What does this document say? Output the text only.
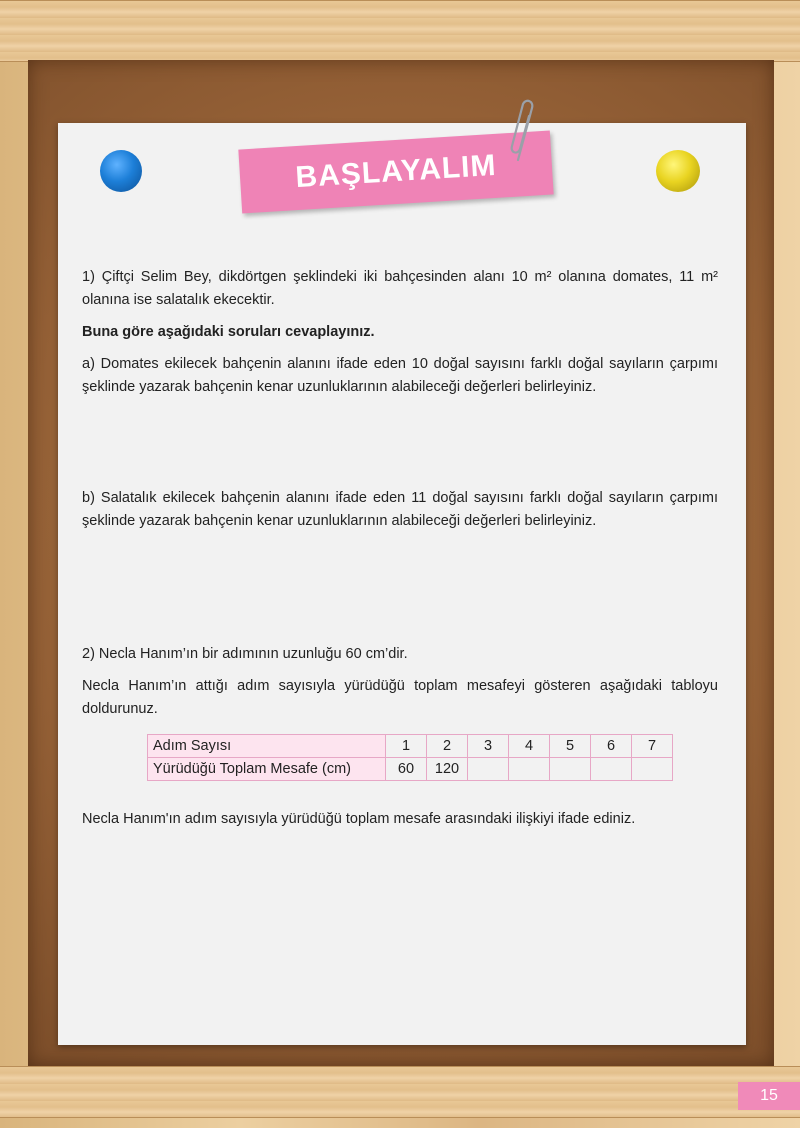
BAŞLAYALIM

1) Çiftçi Selim Bey, dikdörtgen şeklindeki iki bahçesinden alanı 10 m² olanına domates, 11 m² olanına ise salatalık ekecektir.

Buna göre aşağıdaki soruları cevaplayınız.

a) Domates ekilecek bahçenin alanını ifade eden 10 doğal sayısını farklı doğal sayıların çarpımı şeklinde yazarak bahçenin kenar uzunluklarının alabileceği değerleri belirleyiniz.

b) Salatalık ekilecek bahçenin alanını ifade eden 11 doğal sayısını farklı doğal sayıların çarpımı şeklinde yazarak bahçenin kenar uzunluklarının alabileceği değerleri belirleyiniz.

2) Necla Hanım’ın bir adımının uzunluğu 60 cm’dir.

Necla Hanım’ın attığı adım sayısıyla yürüdüğü toplam mesafeyi gösteren aşağıdaki tabloyu doldurunuz.

Adım Sayısı	1	2	3	4	5	6	7
Yürüdüğü Toplam Mesafe (cm)	60	120					

Necla Hanım'ın adım sayısıyla yürüdüğü toplam mesafe arasındaki ilişkiyi ifade ediniz.

15
